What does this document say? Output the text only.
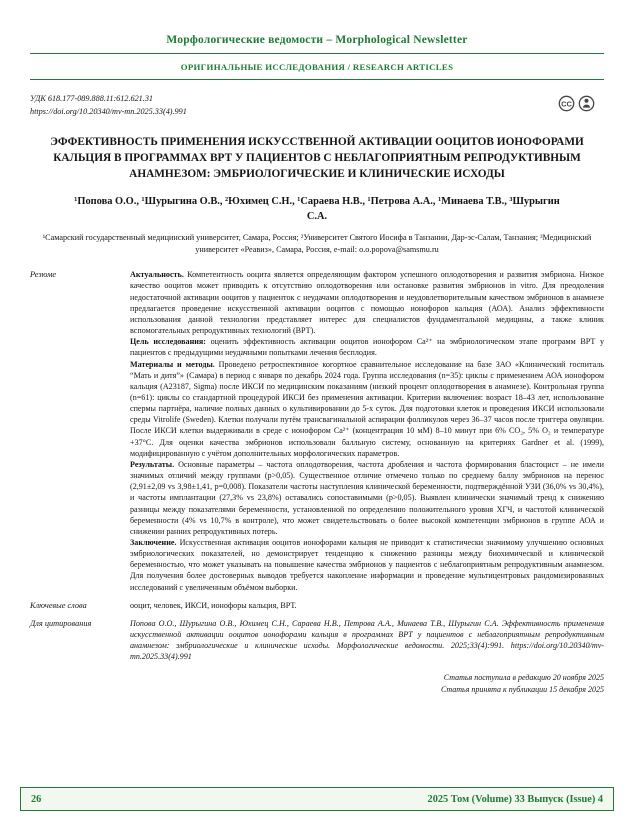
Морфологические ведомости – Morphological Newsletter
ОРИГИНАЛЬНЫЕ ИССЛЕДОВАНИЯ / RESEARCH ARTICLES
УДК 618.177-089.888.11:612.621.31
https://doi.org/10.20340/mv-mn.2025.33(4).991
CC
ЭФФЕКТИВНОСТЬ ПРИМЕНЕНИЯ ИСКУССТВЕННОЙ АКТИВАЦИИ ООЦИТОВ ИОНОФОРАМИ КАЛЬЦИЯ В ПРОГРАММАХ ВРТ У ПАЦИЕНТОВ С НЕБЛАГОПРИЯТНЫМ РЕПРОДУКТИВНЫМ АНАМНЕЗОМ: ЭМБРИОЛОГИЧЕСКИЕ И КЛИНИЧЕСКИЕ ИСХОДЫ
¹Попова О.О., ¹Шурыгина О.В., ²Юхимец С.Н., ¹Сараева Н.В., ¹Петрова А.А., ¹Минаева Т.В., ³Шурыгин С.А.
¹Самарский государственный медицинский университет, Самара, Россия; ²Университет Святого Иосифа в Танзании, Дар-эс-Салам, Танзания; ³Медицинский университет «Реавиз», Самара, Россия, e-mail: o.o.popova@samsmu.ru
Резюме	Актуальность. Компетентность ооцита является определяющим фактором успешного оплодотворения и развития эмбриона. Низкое качество ооцитов может приводить к отсутствию оплодотворения или остановке развития эмбрионов in vitro. Для преодоления недостаточной активации ооцитов у пациенток с неудачами оплодотворения и неудовлетворительным качеством эмбрионов в анамнезе предлагается проведение искусственной активации ооцитов с помощью ионофоров кальция (АОА). Анализ эффективности использования данной технологии представляет интерес для специалистов фундаментальной медицины, а также клиник вспомогательных репродуктивных технологий (ВРТ).

Цель исследования: оценить эффективность активации ооцитов ионофором Ca²⁺ на эмбриологическом этапе программ ВРТ у пациентов с предыдущими неудачными попытками лечения бесплодия.

Материалы и методы. Проведено ретроспективное когортное сравнительное исследование на базе ЗАО «Клинический госпиталь “Мать и дитя”» (Самара) в период с января по декабрь 2024 года. Группа исследования (n=35): циклы с применением АОА ионофором кальция (A23187, Sigma) после ИКСИ по медицинским показаниям (низкий процент оплодотворения в анамнезе). Контрольная группа (n=61): циклы со стандартной процедурой ИКСИ без применения активации. Критерии включения: возраст 18–43 лет, использование спермы партнёра, наличие полных данных о культивировании до 5-х суток. Для подготовки клеток и проведения ИКСИ использовали среды Vitrolife (Sweden). Клетки получали путём трансвагинальной аспирации фолликулов через 36–37 часов после триггера овуляции. После ИКСИ клетки выдерживали в среде с ионофором Ca²⁺ (концентрация 10 мМ) 8–10 минут при 6% CO₂, 5% O₂ и температуре +37°C. Для оценки качества эмбрионов использовали балльную систему, основанную на критериях Gardner et al. (1999), модифицированную с учётом дополнительных морфологических параметров.

Результаты. Основные параметры – частота оплодотворения, частота дробления и частота формирования бластоцист – не имели значимых отличий между группами (p>0,05). Существенное отличие отмечено только по среднему баллу эмбрионов на перенос (2,91±2,09 vs 3,98±1,41, p=0,008). Показатели частоты наступления клинической беременности, подтверждённой УЗИ (36,0% vs 30,4%), и частоты имплантации (27,3% vs 23,8%) оставались сопоставимыми (p>0,05). Выявлен клинически значимый тренд к снижению разницы между показателями беременности, установленной по определению положительного уровня ХГЧ, и частотой клинической беременности (4% vs 10,7% в контроле), что может свидетельствовать о более высокой компетенции эмбрионов в группе АОА и снижении ранних репродуктивных потерь.

Заключение. Искусственная активация ооцитов ионофорами кальция не приводит к статистически значимому улучшению основных эмбриологических показателей, но демонстрирует тенденцию к снижению разницы между биохимической и клинической беременностью, что может указывать на повышение качества эмбрионов у пациентов с неблагоприятным репродуктивным анамнезом. Для получения более достоверных выводов требуется накопление информации и проведение мультицентровых рандомизированных исследований с увеличенным объёмом выборки.

Ключевые слова	ооцит, человек, ИКСИ, ионофоры кальция, ВРТ.
Для цитирования	Попова О.О., Шурыгина О.В., Юхимец С.Н., Сараева Н.В., Петрова А.А., Минаева Т.В., Шурыгин С.А. Эффективность применения искусственной активации ооцитов ионофорами кальция в программах ВРТ у пациентов с неблагоприятным репродуктивным анамнезом: эмбриологические и клинические исходы. Морфологические ведомости. 2025;33(4):991. https://doi.org/10.20340/mv-mn.2025.33(4).991
Статья поступила в редакцию 20 ноября 2025
Статья принята к публикации 15 декабря 2025
26	2025 Том (Volume) 33 Выпуск (Issue) 4
